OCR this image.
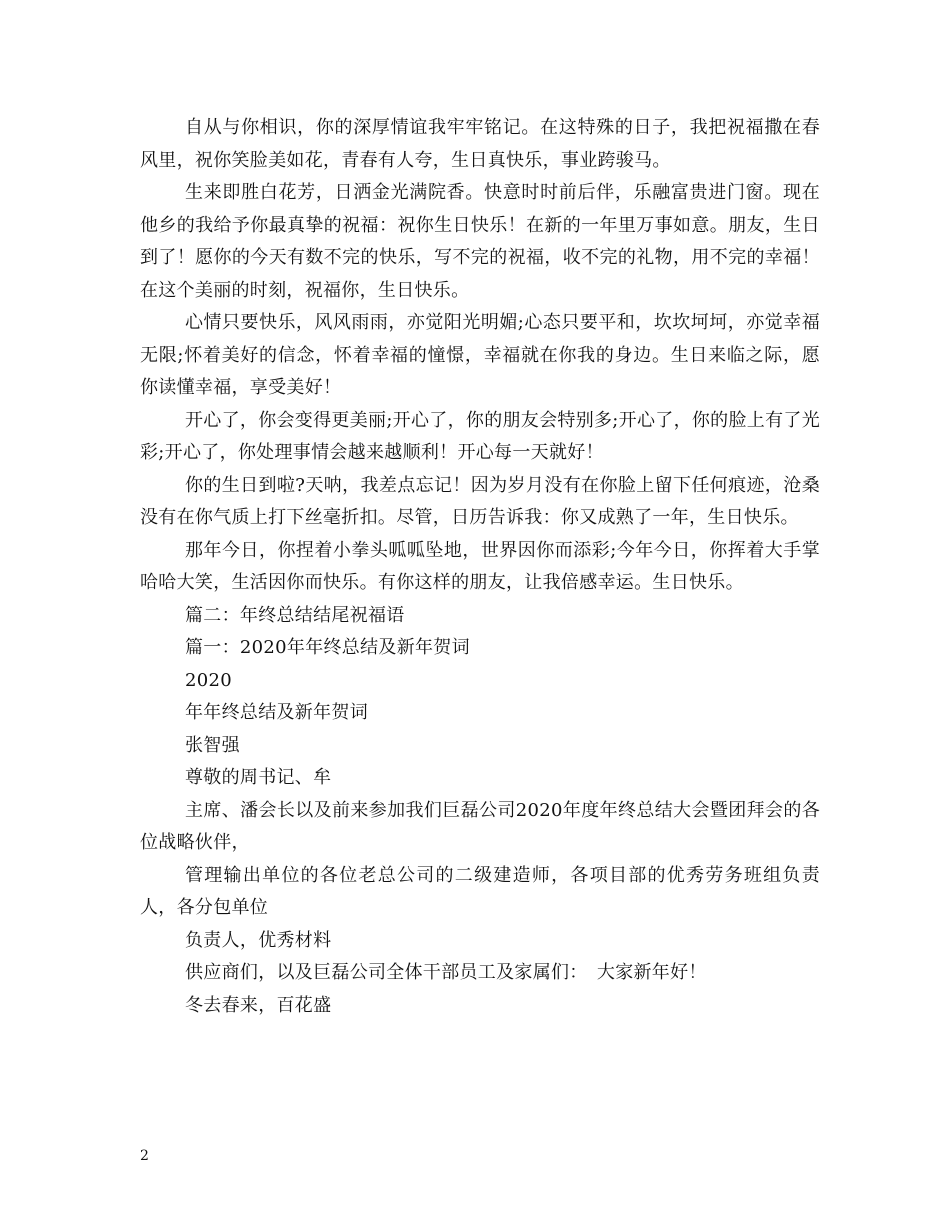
自从与你相识，你的深厚情谊我牢牢铭记。在这特殊的日子，我把祝福撒在春风里，祝你笑脸美如花，青春有人夸，生日真快乐，事业跨骏马。

生来即胜白花芳，日洒金光满院香。快意时时前后伴，乐融富贵进门窗。现在他乡的我给予你最真挚的祝福：祝你生日快乐！在新的一年里万事如意。朋友，生日到了！愿你的今天有数不完的快乐，写不完的祝福，收不完的礼物，用不完的幸福！在这个美丽的时刻，祝福你，生日快乐。

心情只要快乐，风风雨雨，亦觉阳光明媚;心态只要平和，坎坎坷坷，亦觉幸福无限;怀着美好的信念，怀着幸福的憧憬，幸福就在你我的身边。生日来临之际，愿你读懂幸福，享受美好！

开心了，你会变得更美丽;开心了，你的朋友会特别多;开心了，你的脸上有了光彩;开心了，你处理事情会越来越顺利！开心每一天就好！

你的生日到啦?天呐，我差点忘记！因为岁月没有在你脸上留下任何痕迹，沧桑没有在你气质上打下丝毫折扣。尽管，日历告诉我：你又成熟了一年，生日快乐。

那年今日，你捏着小拳头呱呱坠地，世界因你而添彩;今年今日，你挥着大手掌哈哈大笑，生活因你而快乐。有你这样的朋友，让我倍感幸运。生日快乐。

篇二：年终总结结尾祝福语

篇一：2020年年终总结及新年贺词

2020

年年终总结及新年贺词

张智强

尊敬的周书记、牟

主席、潘会长以及前来参加我们巨磊公司2020年度年终总结大会暨团拜会的各位战略伙伴，

管理输出单位的各位老总公司的二级建造师，各项目部的优秀劳务班组负责人，各分包单位

负责人，优秀材料

供应商们，以及巨磊公司全体干部员工及家属们：　大家新年好！

冬去春来，百花盛

2
